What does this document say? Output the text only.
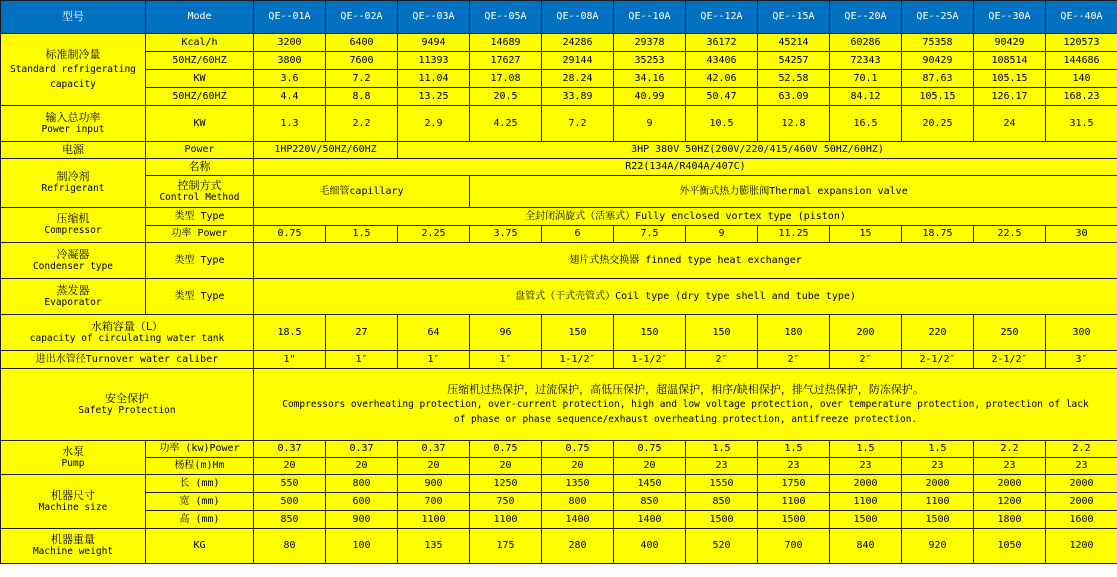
型号	Mode	QE--01A	QE--02A	QE--03A	QE--05A	QE--08A	QE--10A	QE--12A	QE--15A	QE--20A	QE--25A	QE--30A	QE--40A

标准制冷量
Standard refrigerating
capacity	Kcal/h	3200	6400	9494	14689	24286	29378	36172	45214	60286	75358	90429	120573
	50HZ/60HZ	3800	7600	11393	17627	29144	35253	43406	54257	72343	90429	108514	144686
	KW	3.6	7.2	11.04	17.08	28.24	34.16	42.06	52.58	70.1	87.63	105.15	140
	50HZ/60HZ	4.4	8.8	13.25	20.5	33.89	40.99	50.47	63.09	84.12	105.15	126.17	168.23

输入总功率
Power input	KW	1.3	2.2	2.9	4.25	7.2	9	10.5	12.8	16.5	20.25	24	31.5
电源	Power	1HP220V/50HZ/60HZ		3HP 380V 50HZ(200V/220/415/460V 50HZ/60HZ)									

制冷剂
Refrigerant	名称	R22(134A/R404A/407C)											

	控制方式
Control Method	毛细管capillary			外平衡式热力膨胀阀Thermal expansion valve								

压缩机
Compressor	类型 Type	全封闭涡旋式（活塞式）Fully enclosed vortex type (piston)											
	功率 Power	0.75	1.5	2.25	3.75	6	7.5	9	11.25	15	18.75	22.5	30

冷凝器
Condenser type	类型 Type	翅片式热交换器 finned type heat exchanger											

蒸发器
Evaporator	类型 Type	盘管式（干式壳管式）Coil type (dry type shell and tube type)											

水箱容量（L）
capacity of circulating water tank		18.5	27	64	96	150	150	150	180	200	220	250	300
进出水管径Turnover water caliber		1"	1″	1″	1″	1-1/2″	1-1/2″	2″	2″	2″	2-1/2″	2-1/2″	3″

安全保护
Safety Protection		压缩机过热保护，过流保护，高低压保护，超温保护，相序/缺相保护，排气过热保护，防冻保护。
Compressors overheating protection, over-current protection, high and low voltage protection, over temperature protection, protection of lack
of phase or phase sequence/exhaust overheating protection, antifreeze protection.											

水泵
Pump	功率 (kw)Power	0.37	0.37	0.37	0.75	0.75	0.75	1.5	1.5	1.5	1.5	2.2	2.2
	杨程(m)Hm	20	20	20	20	20	20	23	23	23	23	23	23

机器尺寸
Machine size	长 (mm)	550	800	900	1250	1350	1450	1550	1750	2000	2000	2000	2000
	宽 (mm)	500	600	700	750	800	850	850	1100	1100	1100	1200	2000
	高 (mm)	850	900	1100	1100	1400	1400	1500	1500	1500	1500	1800	1600

机器重量
Machine weight	KG	80	100	135	175	280	400	520	700	840	920	1050	1200
